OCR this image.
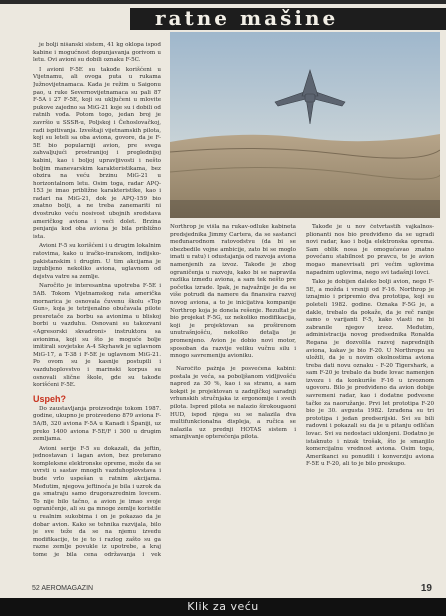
ratne mašine

je bolji nišanski sistem, 41 kg oklopa ispod kabine i mogućnost dopunjavanja gorivom u letu. Ovi avioni su dobili oznaku F-5C.

I avioni F-5E su takođe korišćeni u Vijetnamu, ali ovoga puta u rukama Južnovijetnamaca. Kada je režim u Saigonu pao, u ruke Severnovijetnamaca su pali 87 F-5A i 27 F-5E, koji su uključeni u mlovite pukove zajedno sa MiG-21 koje su i dobili od ratnih vođa. Potom togo, jedan broj je završio u SSSR-u, Poljskoj i Čehoslovačkoj, radi ispitivanja. Izveštaji vijetnamskih pilota, koji su leteli sa oba aviona, govore, da je F-5E bio popularniji avion, pre svega zahvaljujući prostranijoj i preglednijoj kabini, kao i boljoj upravljivosti i nešto boljim manevarskim karakteristikama, bez obzira na veću brzinu MiG-21 u horizontalnom letu. Osim toga, radar APQ-153 je imao približne karakteristike, kao i radari na MiG-21, dok je APQ-159 bio znatno bolji, a ne treba zanemariti ni dvostruko veću nosivost ubojnih sredstava američkog aviona i veći dolet. Brzina penjanja kod oba aviona je bila približno ista.

Avioni F-5 su korišćeni i u drugim lokalnim ratovima, kako u iračko-iranskom, indijsko-pakistanskim i drugim. U tim akcijama je izgubljeno nekoliko aviona, uglavnom od dejstva vatre sa zemlje.

Naročito je interesantna upotreba F-5E i 5AB. Tokom Vijetnamskog rata američka mornarica je osnovala čuvenu školu «Top Gun», koja je tetrijenalno obučavala pilote presretače za borbu sa avionima u bliskoj borbi u vazduhu. Osnovani su takozvani «Agresorski skvadroni» instruktora sa avionima, koji su što je moguće bolje imitirali sovjetske A-4 Skyhawk je uglavnom MiG-17, a T-38 i F-5E je uglavnom MiG-21. Po ovom su je kasnije postupili i vazduhoplovstvo i marinski korpus su osnovali slične škole, gde su takođe korišćeni F-5E.

Uspeh?

Do zaustavljanja proizvodnje tokom 1987. godine, ukupno je proizvedeno 879 aviona F-5A/B, 320 aviona F-5A u Kanadi i Španiji, uz preko 1400 aviona F-5E/F i 300 u drugim zemljama.

Avioni serije F-5 su dokazali, da jeftin, jednostavan i lagan avion, bez preterano kompleksne elektronske opreme, može da se uvrsti u sastav mnogih vazduhoplovstava i bude vrlo uspešan u ratnim akcijama. Međutim, njegova jeftinoća je bila i uzrok da ga smatraju samo drugorazrednim lovcem. To nije bilo tačno, a avion je imao svoje ograničenje, ali su ga mnoge zemlje koristile u realnim sukobima i on je pokazao da je dobar avion. Kako se tehnika razvijala, bilo je sve teže da se na njemu izvedu modifikacije, te je to i razlog zašto su ga razne zemlje povukle iz upotrebe, a kraj tome je bila cena održavanja i vek

Northrop je višla na rukav-odluke kabineta predsjednika Jimmy Cartera, da se sastanci međunarodnom ratovodstvu (da bi se obezbedile vojne ambicije, zato bi se moglo imati u ratu) i odustajanja od razvoja aviona namenjenih za izvoz. Takođe je zbog ograničenja u razvoju, kako bi se napravila razlika između aviona, a sam tek nešto pre početka izrade. Ipak, je najvažnije je da se više potrudi da namere da finansira razvoj novog aviona, a to je inicijativa kompanije Northrop koja je donela rešenje. Rezultat je bio projekat F-5G, uz nekoliko modifikacija, koji je projektovan sa proširenom unutrašnjošću, nekoliko detalja je promenjeno. Avion je dobio novi motor, sposoban da razvije veliku vučnu silu i mnogo savremeniju avioniku.

Naročito pažnja je posvećena kabini: postala je veća, sa poboljšanom vidljivošću napred za 30 %, kao i sa stranu, a sam kokpit je projektovan u zadnjičkoj saradnji vrhunskih stručnjaka iz ergonomije i sveih pilota. Ispred pilota se nalazio širokougaoni HUD, ispod njega su se nalazila dva multifunkcionalna displeja, a ručica se nalazila uz prednji HOTAS sistem i smanjivanje opterećenja pilota.

Takođe je u nov četvrtastih vajkalnos-plionanti nos bio predviđeno da se ugradi novi radar, kao i bolja elektronska oprema. Sam oblik nosa je omogućavao znatno povećanu stabilnost po pravcu, te je avion mogao manevrisati pri većim uglovima napadnim uglovima, nego svi tadašnji lovci.

Tako je dobijen daleko bolji avion, nego F-5E, a možda i vrsniji od F-16. Northrop je iznajmio i pripremio dva prototipa, koji su poleteli 1982. godine. Oznaka F-5G je, a dakle, trebalo da pokaže, da je reč ranije samo o varijanti F-5, kako vlasti ne bi zabranile njegov izvoz. Međutim, administracija novog predsednika Ronalda Regana je dozvolila razvoj naprednijih aviona, kakav je bio F-20. U Northropu su uložili, da je u novim okolnostima aviona treba dati novu oznaku - F-20 Tigershark, a sam F-20 je trebalo da bude lovac namenjen izvozu i da konkuriše F-16 u izvoznom ugovoru. Bilo je predviđeno da avion dobije savremeni radar, kao i dodatne podvesne tačke za naoružanje. Prvi let prototipa F-20 bio je 30. avgusta 1982. Izrađena su tri prototipa i jedan predserijski. Svi su bili radovni i pokazali su da je u pitanju odličan lovac. Svi su nedostaci uklonjeni. Dodatno je istaknuto i nizak trošak, što je smanjilo komercijalnu vrednost aviona. Osim toga, Amerikanci su ponudili i konverziju aviona F-5E u F-20, ali to je bilo preskupo.

52 AEROMAGAZIN	19
Klik za veću
